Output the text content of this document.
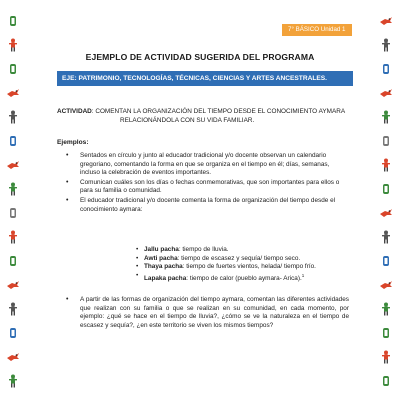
7° BÁSICO Unidad 1
EJEMPLO DE ACTIVIDAD SUGERIDA DEL PROGRAMA
EJE: PATRIMONIO, TECNOLOGÍAS, TÉCNICAS, CIENCIAS Y ARTES ANCESTRALES.
ACTIVIDAD: COMENTAN LA ORGANIZACIÓN DEL TIEMPO DESDE EL CONOCIMIENTO AYMARA
RELACIONÁNDOLA CON SU VIDA FAMILIAR.
Ejemplos:
• Sentados en círculo y junto al educador tradicional y/o docente observan un calendario gregoriano, comentando la forma en que se organiza en el tiempo en él; días, semanas, incluso la celebración de eventos importantes.
• Comunican cuáles son los días o fechas conmemorativas, que son importantes para ellos o para su familia o comunidad.
• El educador tradicional y/o docente comenta la forma de organización del tiempo desde el conocimiento aymara:
• Jallu pacha: tiempo de lluvia.
• Awti pacha: tiempo de escasez y sequía/ tiempo seco.
• Thaya pacha: tiempo de fuertes vientos, helada/ tiempo frío.
• Lapaka pacha: tiempo de calor (pueblo aymara- Arica).$^1$
• A partir de las formas de organización del tiempo aymara, comentan las diferentes actividades que realizan con su familia o que se realizan en su comunidad, en cada momento, por ejemplo: ¿qué se hace en el tiempo de lluvia?, ¿cómo se ve la naturaleza en el tiempo de escasez y sequía?, ¿en este territorio se viven los mismos tiempos?
